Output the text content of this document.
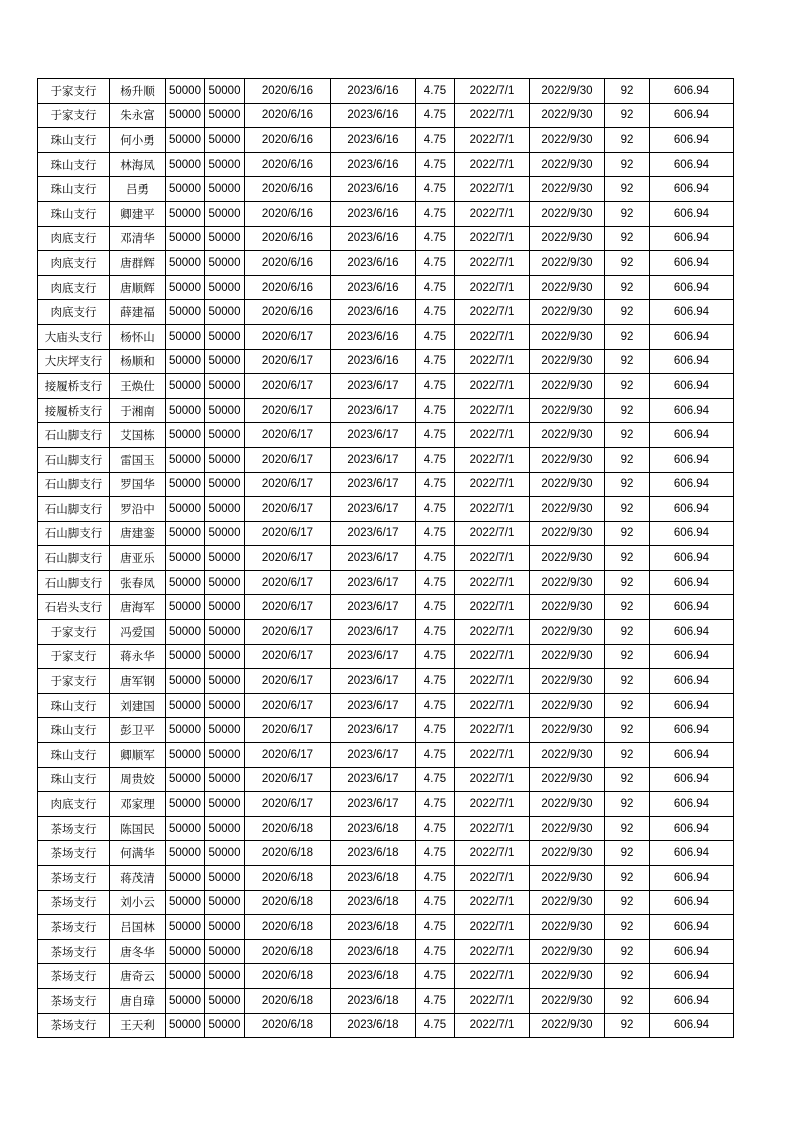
于家支行	杨升顺	50000	50000	2020/6/16	2023/6/16	4.75	2022/7/1	2022/9/30	92	606.94
于家支行	朱永富	50000	50000	2020/6/16	2023/6/16	4.75	2022/7/1	2022/9/30	92	606.94
珠山支行	何小勇	50000	50000	2020/6/16	2023/6/16	4.75	2022/7/1	2022/9/30	92	606.94
珠山支行	林海凤	50000	50000	2020/6/16	2023/6/16	4.75	2022/7/1	2022/9/30	92	606.94
珠山支行	吕勇	50000	50000	2020/6/16	2023/6/16	4.75	2022/7/1	2022/9/30	92	606.94
珠山支行	卿建平	50000	50000	2020/6/16	2023/6/16	4.75	2022/7/1	2022/9/30	92	606.94
肉底支行	邓清华	50000	50000	2020/6/16	2023/6/16	4.75	2022/7/1	2022/9/30	92	606.94
肉底支行	唐群辉	50000	50000	2020/6/16	2023/6/16	4.75	2022/7/1	2022/9/30	92	606.94
肉底支行	唐顺辉	50000	50000	2020/6/16	2023/6/16	4.75	2022/7/1	2022/9/30	92	606.94
肉底支行	薛建福	50000	50000	2020/6/16	2023/6/16	4.75	2022/7/1	2022/9/30	92	606.94
大庙头支行	杨怀山	50000	50000	2020/6/17	2023/6/16	4.75	2022/7/1	2022/9/30	92	606.94
大庆坪支行	杨顺和	50000	50000	2020/6/17	2023/6/16	4.75	2022/7/1	2022/9/30	92	606.94
接履桥支行	王焕仕	50000	50000	2020/6/17	2023/6/17	4.75	2022/7/1	2022/9/30	92	606.94
接履桥支行	于湘南	50000	50000	2020/6/17	2023/6/17	4.75	2022/7/1	2022/9/30	92	606.94
石山脚支行	艾国栋	50000	50000	2020/6/17	2023/6/17	4.75	2022/7/1	2022/9/30	92	606.94
石山脚支行	雷国玉	50000	50000	2020/6/17	2023/6/17	4.75	2022/7/1	2022/9/30	92	606.94
石山脚支行	罗国华	50000	50000	2020/6/17	2023/6/17	4.75	2022/7/1	2022/9/30	92	606.94
石山脚支行	罗沿中	50000	50000	2020/6/17	2023/6/17	4.75	2022/7/1	2022/9/30	92	606.94
石山脚支行	唐建銮	50000	50000	2020/6/17	2023/6/17	4.75	2022/7/1	2022/9/30	92	606.94
石山脚支行	唐亚乐	50000	50000	2020/6/17	2023/6/17	4.75	2022/7/1	2022/9/30	92	606.94
石山脚支行	张春凤	50000	50000	2020/6/17	2023/6/17	4.75	2022/7/1	2022/9/30	92	606.94
石岩头支行	唐海军	50000	50000	2020/6/17	2023/6/17	4.75	2022/7/1	2022/9/30	92	606.94
于家支行	冯爱国	50000	50000	2020/6/17	2023/6/17	4.75	2022/7/1	2022/9/30	92	606.94
于家支行	蒋永华	50000	50000	2020/6/17	2023/6/17	4.75	2022/7/1	2022/9/30	92	606.94
于家支行	唐军钢	50000	50000	2020/6/17	2023/6/17	4.75	2022/7/1	2022/9/30	92	606.94
珠山支行	刘建国	50000	50000	2020/6/17	2023/6/17	4.75	2022/7/1	2022/9/30	92	606.94
珠山支行	彭卫平	50000	50000	2020/6/17	2023/6/17	4.75	2022/7/1	2022/9/30	92	606.94
珠山支行	卿顺军	50000	50000	2020/6/17	2023/6/17	4.75	2022/7/1	2022/9/30	92	606.94
珠山支行	周贵姣	50000	50000	2020/6/17	2023/6/17	4.75	2022/7/1	2022/9/30	92	606.94
肉底支行	邓家理	50000	50000	2020/6/17	2023/6/17	4.75	2022/7/1	2022/9/30	92	606.94
茶场支行	陈国民	50000	50000	2020/6/18	2023/6/18	4.75	2022/7/1	2022/9/30	92	606.94
茶场支行	何满华	50000	50000	2020/6/18	2023/6/18	4.75	2022/7/1	2022/9/30	92	606.94
茶场支行	蒋茂清	50000	50000	2020/6/18	2023/6/18	4.75	2022/7/1	2022/9/30	92	606.94
茶场支行	刘小云	50000	50000	2020/6/18	2023/6/18	4.75	2022/7/1	2022/9/30	92	606.94
茶场支行	吕国林	50000	50000	2020/6/18	2023/6/18	4.75	2022/7/1	2022/9/30	92	606.94
茶场支行	唐冬华	50000	50000	2020/6/18	2023/6/18	4.75	2022/7/1	2022/9/30	92	606.94
茶场支行	唐奇云	50000	50000	2020/6/18	2023/6/18	4.75	2022/7/1	2022/9/30	92	606.94
茶场支行	唐自璋	50000	50000	2020/6/18	2023/6/18	4.75	2022/7/1	2022/9/30	92	606.94
茶场支行	王天利	50000	50000	2020/6/18	2023/6/18	4.75	2022/7/1	2022/9/30	92	606.94
